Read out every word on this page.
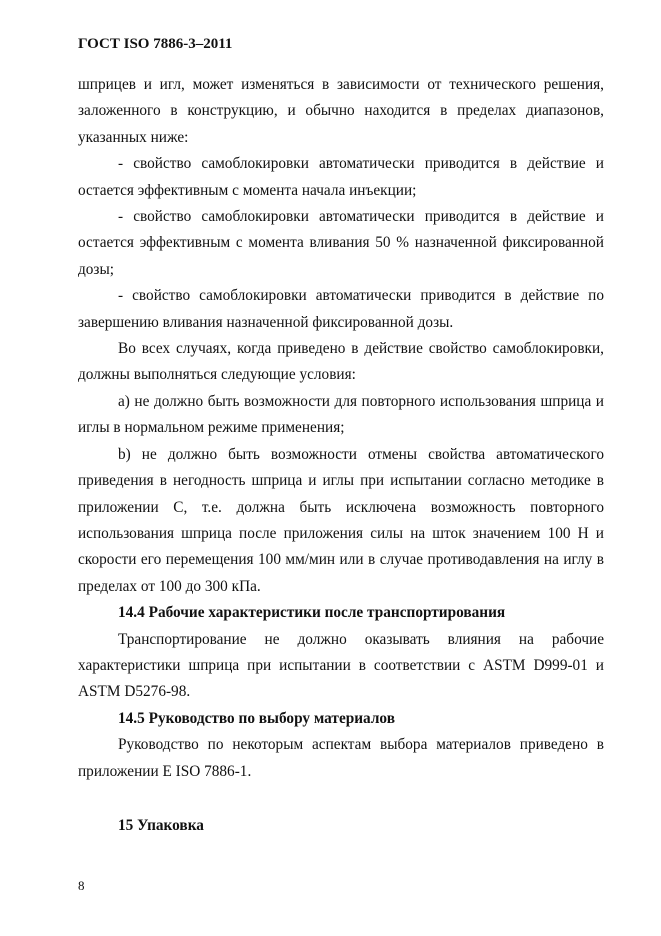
ГОСТ ISO 7886-3–2011

шприцев и игл, может изменяться в зависимости от технического решения, заложенного в конструкцию, и обычно находится в пределах диапазонов, указанных ниже:

- свойство самоблокировки автоматически приводится в действие и остается эффективным с момента начала инъекции;

- свойство самоблокировки автоматически приводится в действие и остается эффективным с момента вливания 50 % назначенной фиксированной дозы;

- свойство самоблокировки автоматически приводится в действие по завершению вливания назначенной фиксированной дозы.

Во всех случаях, когда приведено в действие свойство самоблокировки, должны выполняться следующие условия:

a) не должно быть возможности для повторного использования шприца и иглы в нормальном режиме применения;

b) не должно быть возможности отмены свойства автоматического приведения в негодность шприца и иглы при испытании согласно методике в приложении С, т.е. должна быть исключена возможность повторного использования шприца после приложения силы на шток значением 100 Н и скорости его перемещения 100 мм/мин или в случае противодавления на иглу в пределах от 100 до 300 кПа.

14.4 Рабочие характеристики после транспортирования

Транспортирование не должно оказывать влияния на рабочие характеристики шприца при испытании в соответствии с ASTM D999-01 и ASTM D5276-98.

14.5 Руководство по выбору материалов

Руководство по некоторым аспектам выбора материалов приведено в приложении Е ISO 7886-1.

15 Упаковка

8
